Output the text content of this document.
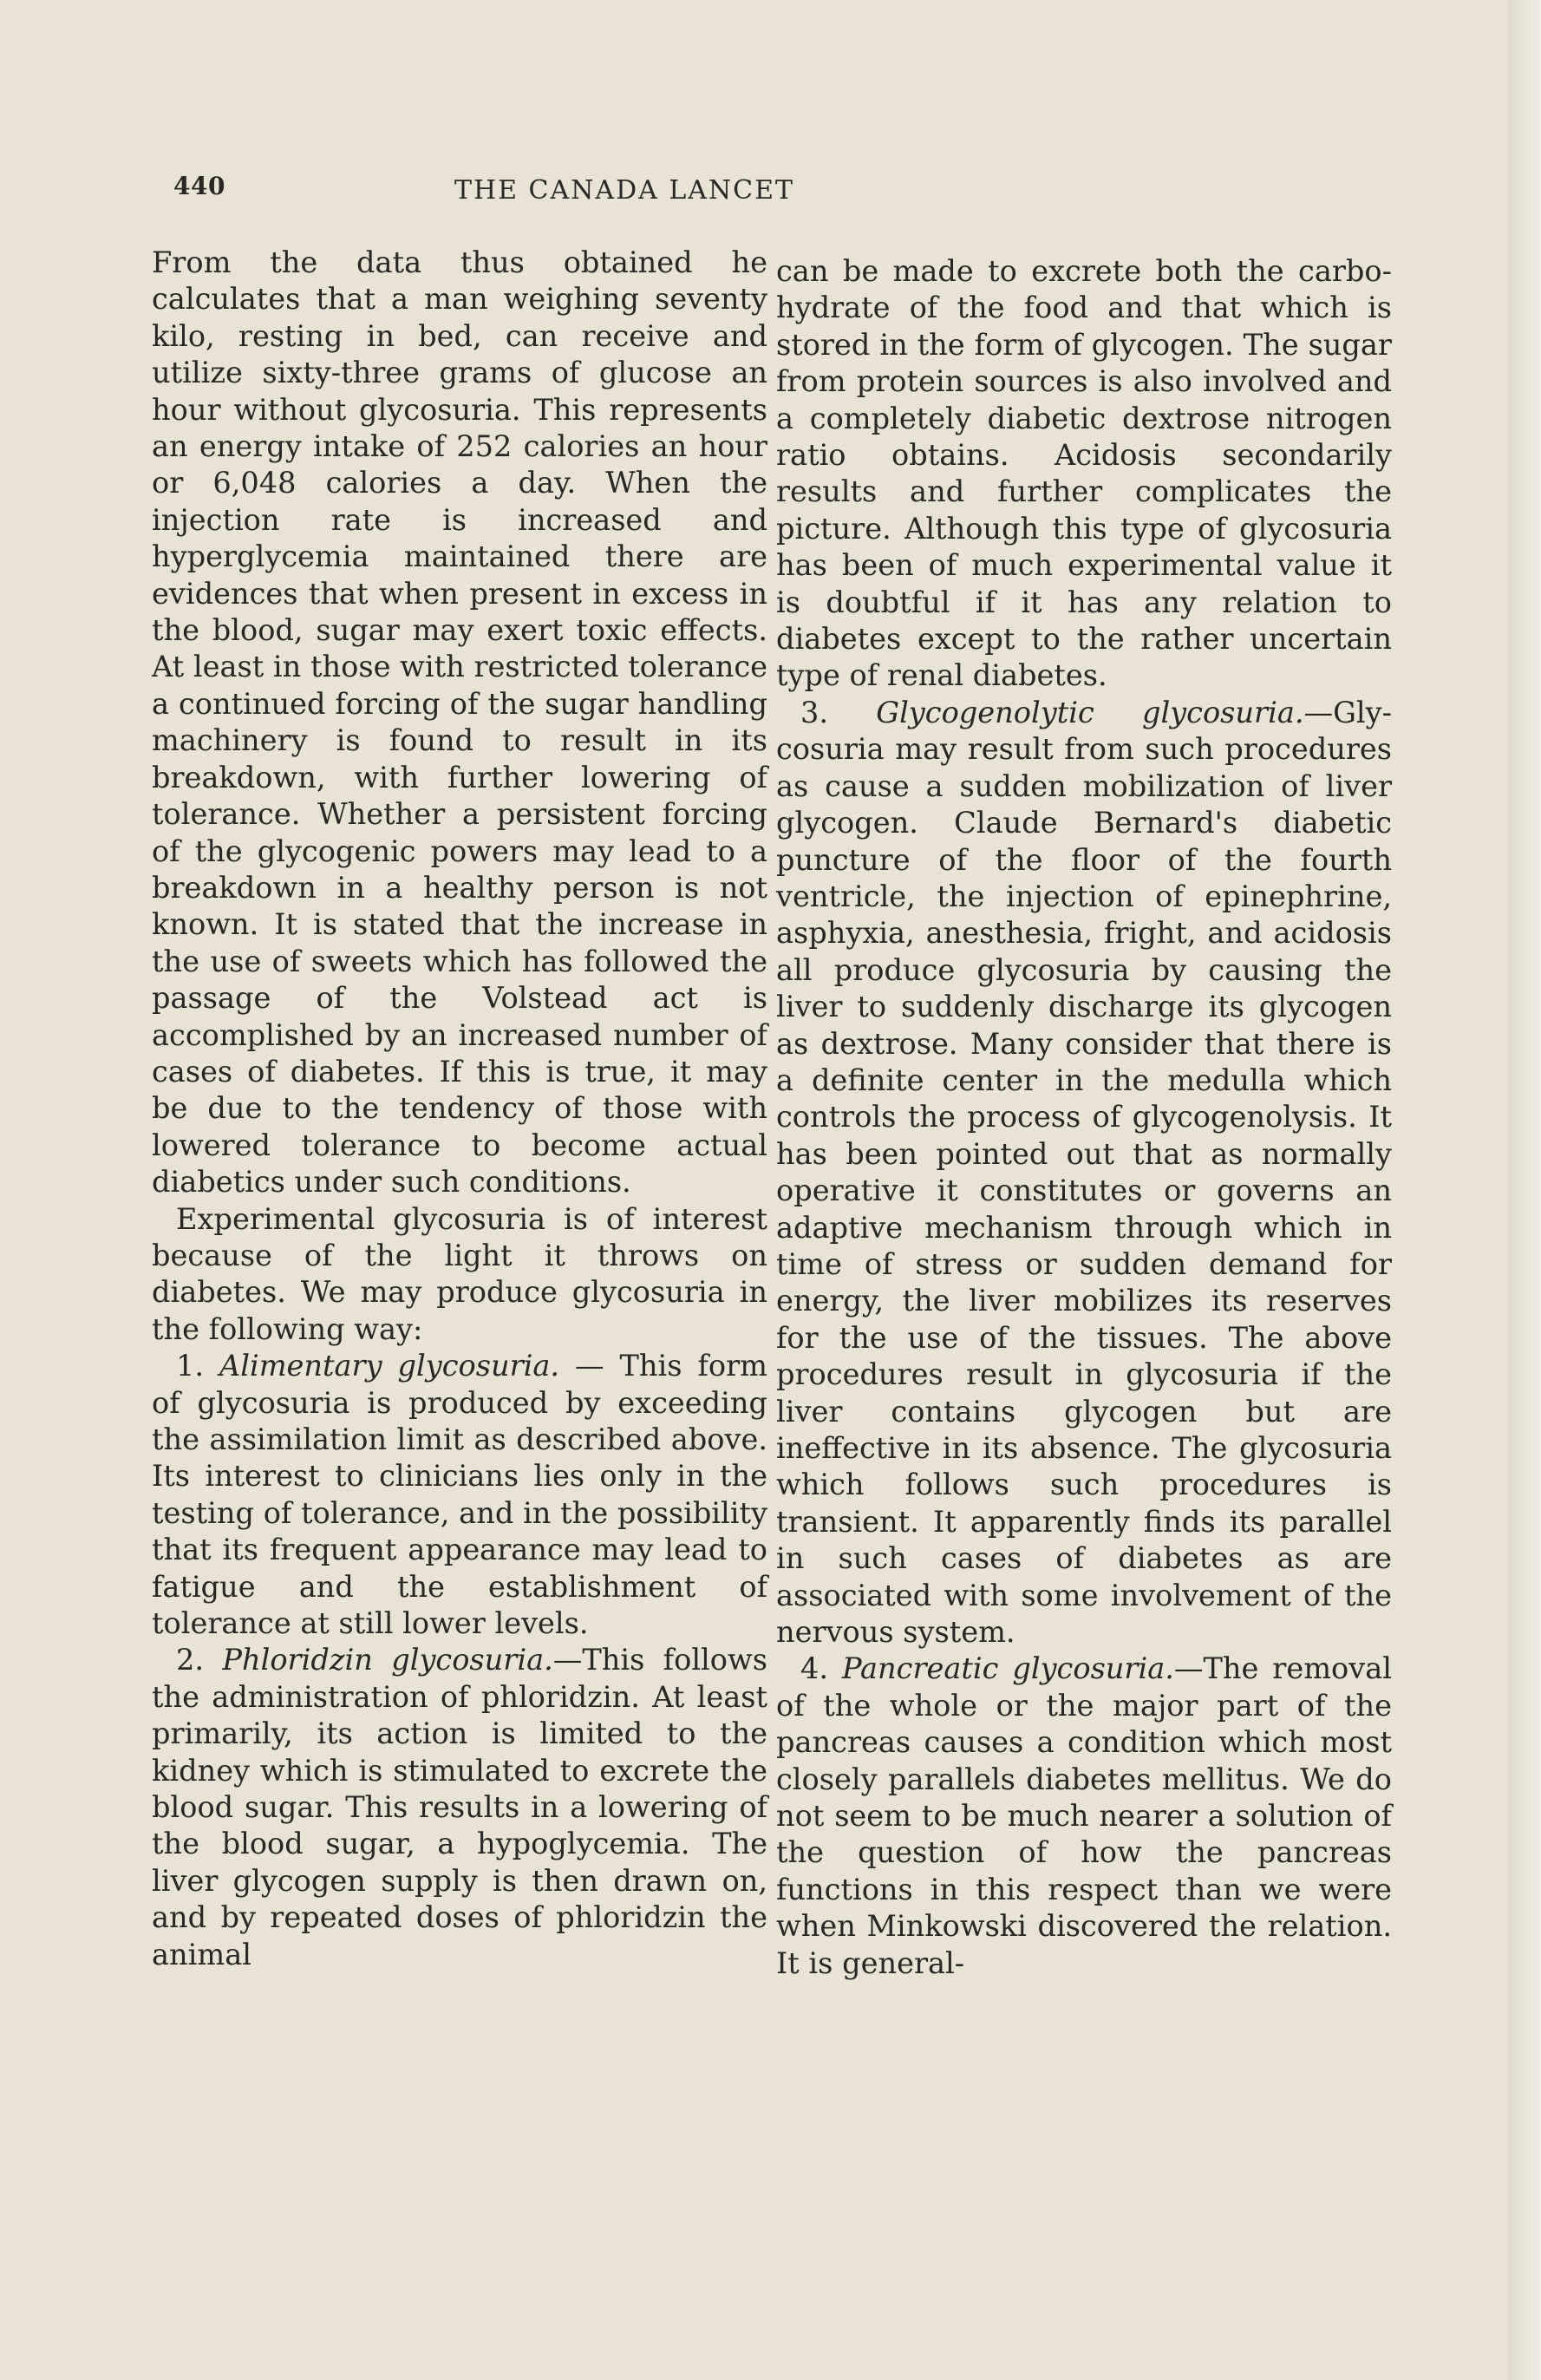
440	THE CANADA LANCET

From the data thus obtained he calculates that a man weighing seventy kilo, resting in bed, can receive and utilize sixty-three grams of glucose an hour without glycosuria. This represents an energy intake of 252 calories an hour or 6,048 calories a day. When the injection rate is increased and hyperglycemia maintained there are evidences that when present in excess in the blood, sugar may exert toxic effects. At least in those with restricted tolerance a continued forcing of the sugar handling machinery is found to result in its breakdown, with further lowering of tolerance. Whether a persistent forcing of the glycogenic powers may lead to a breakdown in a healthy person is not known. It is stated that the increase in the use of sweets which has followed the passage of the Volstead act is accomplished by an increased number of cases of diabetes. If this is true, it may be due to the tendency of those with lowered tolerance to become actual diabetics under such conditions.

Experimental glycosuria is of interest because of the light it throws on diabetes. We may produce glycosuria in the following way:

1. Alimentary glycosuria. — This form of glycosuria is produced by exceeding the assimilation limit as described above. Its interest to clinicians lies only in the testing of tolerance, and in the possibility that its frequent appearance may lead to fatigue and the establishment of tolerance at still lower levels.

2. Phloridzin glycosuria.—This follows the administration of phloridzin. At least primarily, its action is limited to the kidney which is stimulated to excrete the blood sugar. This results in a lowering of the blood sugar, a hypoglycemia. The liver glycogen supply is then drawn on, and by repeated doses of phloridzin the animal

can be made to excrete both the carbohydrate of the food and that which is stored in the form of glycogen. The sugar from protein sources is also involved and a completely diabetic dextrose nitrogen ratio obtains. Acidosis secondarily results and further complicates the picture. Although this type of glycosuria has been of much experimental value it is doubtful if it has any relation to diabetes except to the rather uncertain type of renal diabetes.

3. Glycogenolytic glycosuria.—Glycosuria may result from such procedures as cause a sudden mobilization of liver glycogen. Claude Bernard's diabetic puncture of the floor of the fourth ventricle, the injection of epinephrine, asphyxia, anesthesia, fright, and acidosis all produce glycosuria by causing the liver to suddenly discharge its glycogen as dextrose. Many consider that there is a definite center in the medulla which controls the process of glycogenolysis. It has been pointed out that as normally operative it constitutes or governs an adaptive mechanism through which in time of stress or sudden demand for energy, the liver mobilizes its reserves for the use of the tissues. The above procedures result in glycosuria if the liver contains glycogen but are ineffective in its absence. The glycosuria which follows such procedures is transient. It apparently finds its parallel in such cases of diabetes as are associated with some involvement of the nervous system.

4. Pancreatic glycosuria.—The removal of the whole or the major part of the pancreas causes a condition which most closely parallels diabetes mellitus. We do not seem to be much nearer a solution of the question of how the pancreas functions in this respect than we were when Minkowski discovered the relation. It is general-
